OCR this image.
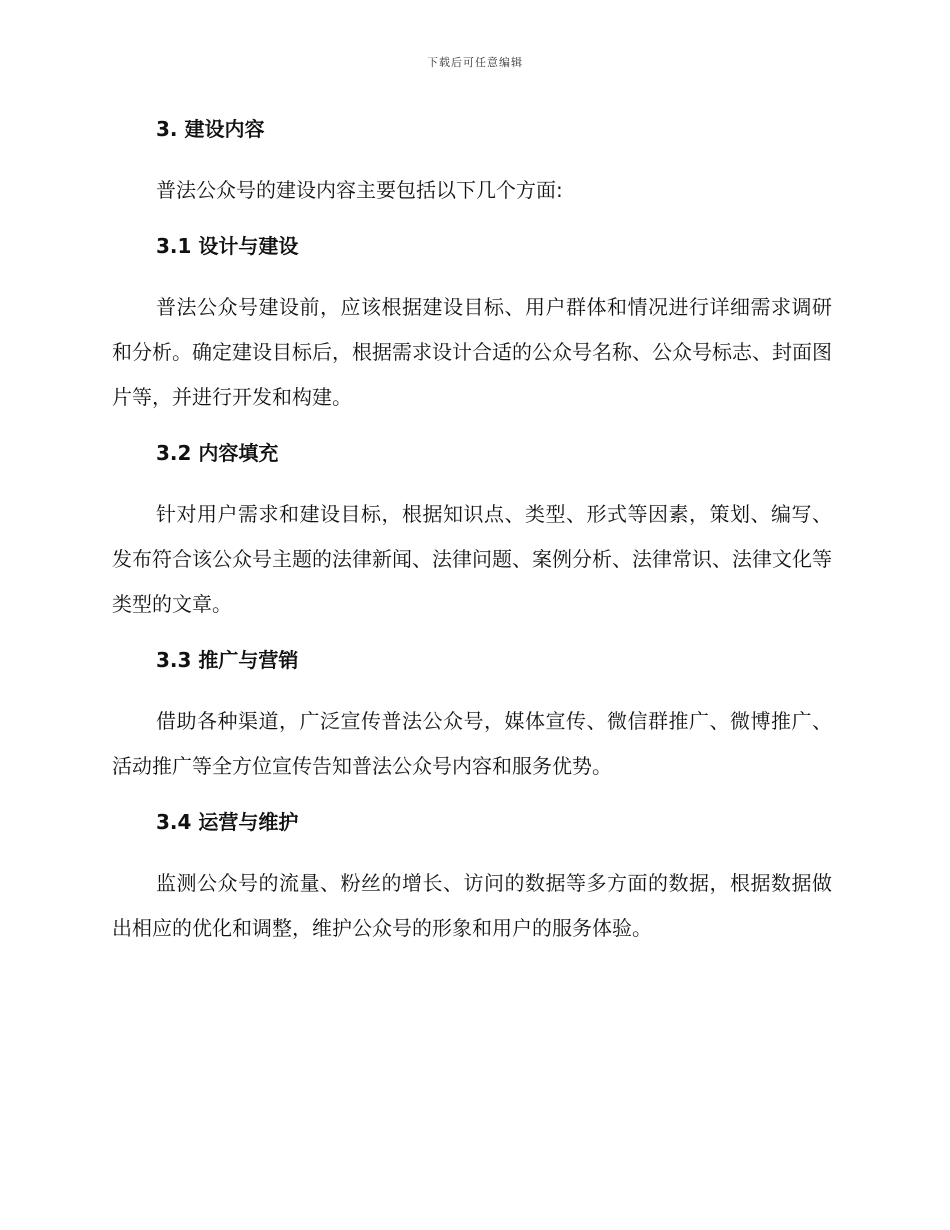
下载后可任意编辑
3. 建设内容

普法公众号的建设内容主要包括以下几个方面:

3.1 设计与建设

普法公众号建设前，应该根据建设目标、用户群体和情况进行详细需求调研和分析。确定建设目标后，根据需求设计合适的公众号名称、公众号标志、封面图片等，并进行开发和构建。

3.2 内容填充

针对用户需求和建设目标，根据知识点、类型、形式等因素，策划、编写、发布符合该公众号主题的法律新闻、法律问题、案例分析、法律常识、法律文化等类型的文章。

3.3 推广与营销

借助各种渠道，广泛宣传普法公众号，媒体宣传、微信群推广、微博推广、活动推广等全方位宣传告知普法公众号内容和服务优势。

3.4 运营与维护

监测公众号的流量、粉丝的增长、访问的数据等多方面的数据，根据数据做出相应的优化和调整，维护公众号的形象和用户的服务体验。
